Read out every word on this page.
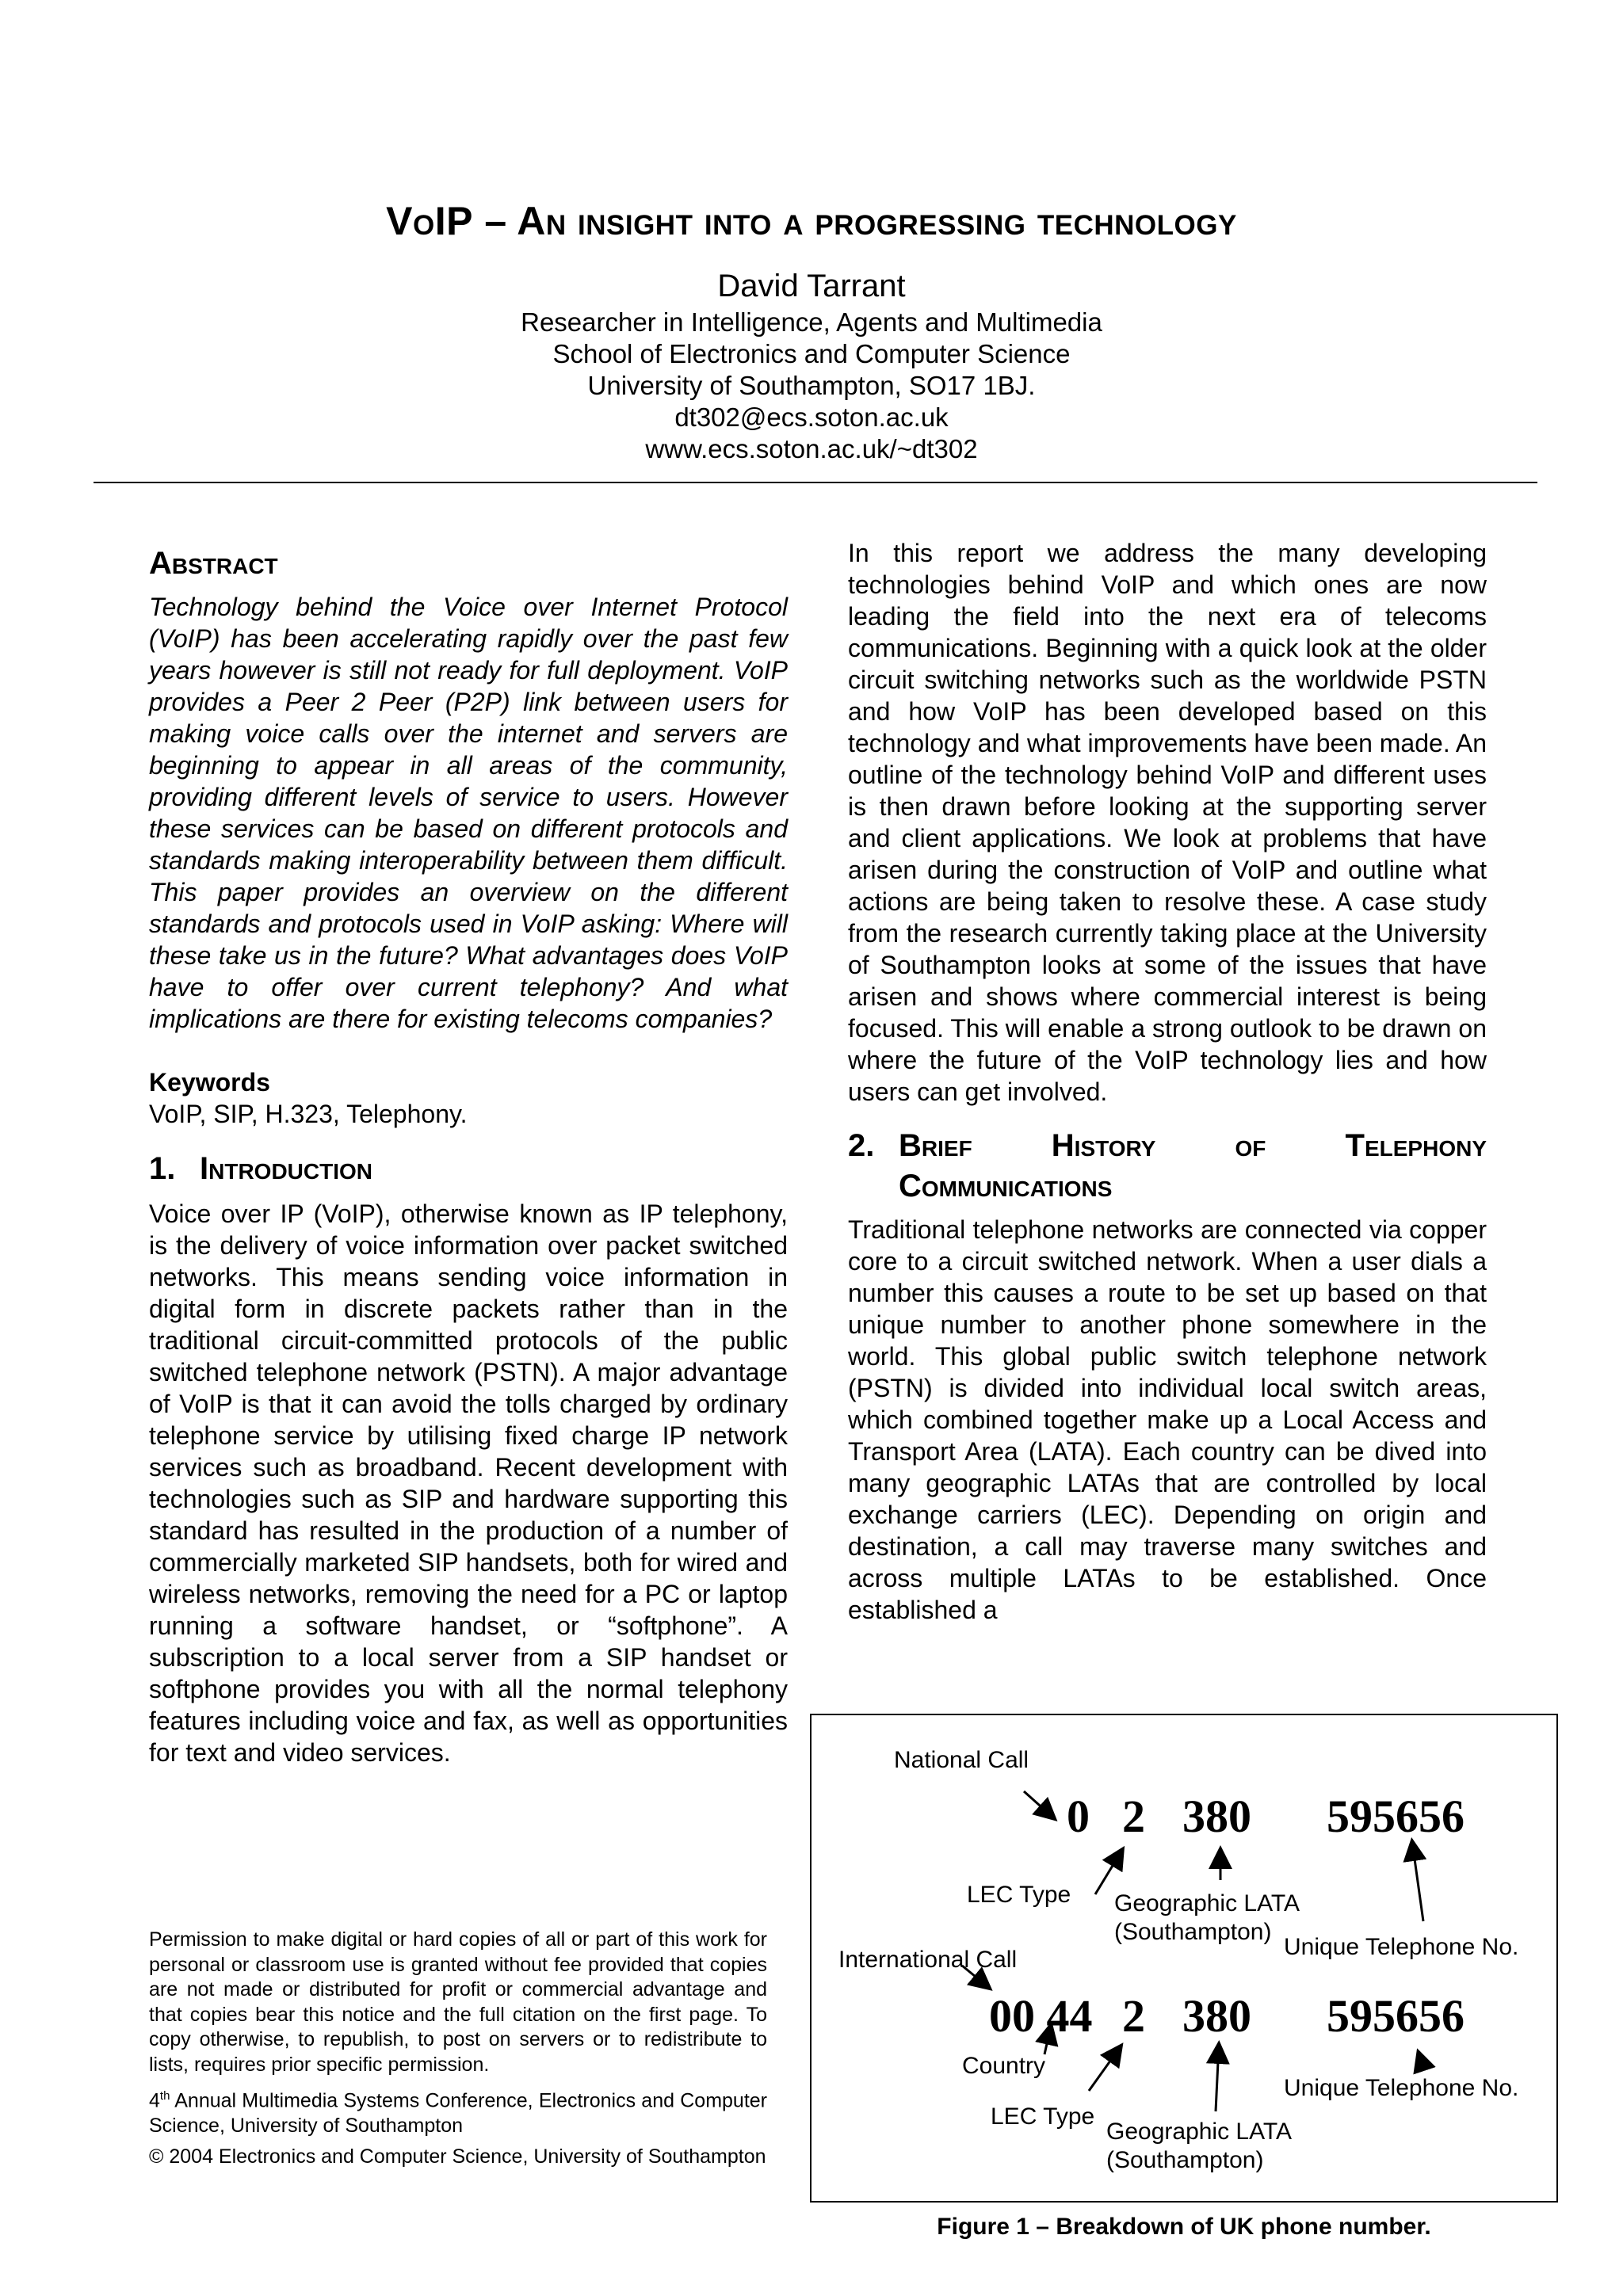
VoIP – An insight into a progressing technology
David Tarrant
Researcher in Intelligence, Agents and Multimedia
School of Electronics and Computer Science
University of Southampton, SO17 1BJ.
dt302@ecs.soton.ac.uk
www.ecs.soton.ac.uk/~dt302
Abstract

Technology behind the Voice over Internet Protocol (VoIP) has been accelerating rapidly over the past few years however is still not ready for full deployment. VoIP provides a Peer 2 Peer (P2P) link between users for making voice calls over the internet and servers are beginning to appear in all areas of the community, providing different levels of service to users. However these services can be based on different protocols and standards making interoperability between them difficult. This paper provides an overview on the different standards and protocols used in VoIP asking: Where will these take us in the future? What advantages does VoIP have to offer over current telephony? And what implications are there for existing telecoms companies?

Keywords

VoIP, SIP, H.323, Telephony.

1. Introduction

Voice over IP (VoIP), otherwise known as IP telephony, is the delivery of voice information over packet switched networks. This means sending voice information in digital form in discrete packets rather than in the traditional circuit-committed protocols of the public switched telephone network (PSTN). A major advantage of VoIP is that it can avoid the tolls charged by ordinary telephone service by utilising fixed charge IP network services such as broadband. Recent development with technologies such as SIP and hardware supporting this standard has resulted in the production of a number of commercially marketed SIP handsets, both for wired and wireless networks, removing the need for a PC or laptop running a software handset, or “softphone”. A subscription to a local server from a SIP handset or softphone provides you with all the normal telephony features including voice and fax, as well as opportunities for text and video services.

Permission to make digital or hard copies of all or part of this work for personal or classroom use is granted without fee provided that copies are not made or distributed for profit or commercial advantage and that copies bear this notice and the full citation on the first page. To copy otherwise, to republish, to post on servers or to redistribute to lists, requires prior specific permission.

4th Annual Multimedia Systems Conference, Electronics and Computer Science, University of Southampton

© 2004 Electronics and Computer Science, University of Southampton

In this report we address the many developing technologies behind VoIP and which ones are now leading the field into the next era of telecoms communications. Beginning with a quick look at the older circuit switching networks such as the worldwide PSTN and how VoIP has been developed based on this technology and what improvements have been made. An outline of the technology behind VoIP and different uses is then drawn before looking at the supporting server and client applications. We look at problems that have arisen during the construction of VoIP and outline what actions are being taken to resolve these. A case study from the research currently taking place at the University of Southampton looks at some of the issues that have arisen and shows where commercial interest is being focused. This will enable a strong outlook to be drawn on where the future of the VoIP technology lies and how users can get involved.

2. Brief History of Telephony
Communications

Traditional telephone networks are connected via copper core to a circuit switched network. When a user dials a number this causes a route to be set up based on that unique number to another phone somewhere in the world. This global public switch telephone network (PSTN) is divided into individual local switch areas, which combined together make up a Local Access and Transport Area (LATA). Each country can be dived into many geographic LATAs that are controlled by local exchange carriers (LEC). Depending on origin and destination, a call may traverse many switches and across multiple LATAs to be established. Once established a

National Call
0 2 380 595656
LEC Type Geographic LATA
(Southampton)
Unique Telephone No.
International Call
00 44 2 380 595656
Country
Unique Telephone No.
LEC Type
Geographic LATA
(Southampton)
Figure 1 – Breakdown of UK phone number.
